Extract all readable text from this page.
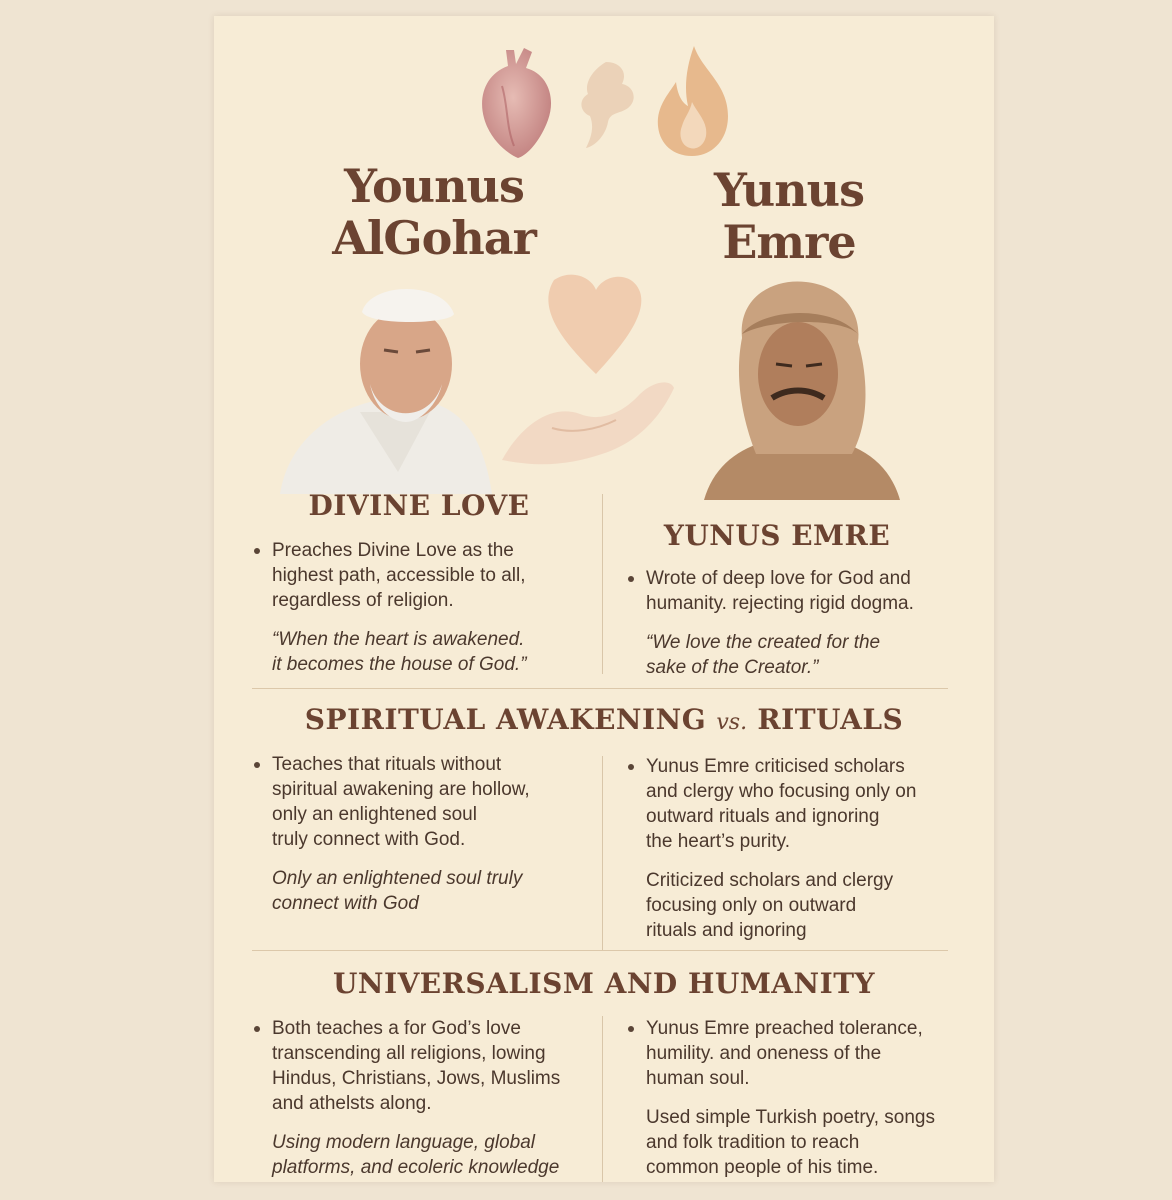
Younus
AlGohar
Yunus
Emre
DIVINE LOVE
YUNUS EMRE
Preaches Divine Love as the
highest path, accessible to all,
regardless of religion.
“When the heart is awakened.
it becomes the house of God.”
Wrote of deep love for God and
humanity. rejecting rigid dogma.
“We love the created for the
sake of the Creator.”
SPIRITUAL AWAKENING vs. RITUALS
Teaches that rituals without
spiritual awakening are hollow,
only an enlightened soul
truly connect with God.
Only an enlightened soul truly
connect with God
Yunus Emre criticised scholars
and clergy who focusing only on
outward rituals and ignoring
the heart’s purity.
Criticized scholars and clergy
focusing only on outward
rituals and ignoring
UNIVERSALISM AND HUMANITY
Both teaches a for God’s love
transcending all religions, lowing
Hindus, Christians, Jows, Muslims
and athelsts along.
Using modern language, global
platforms, and ecoleric knowledge
Yunus Emre preached tolerance,
humility. and oneness of the
human soul.
Used simple Turkish poetry, songs
and folk tradition to reach
common people of his time.
